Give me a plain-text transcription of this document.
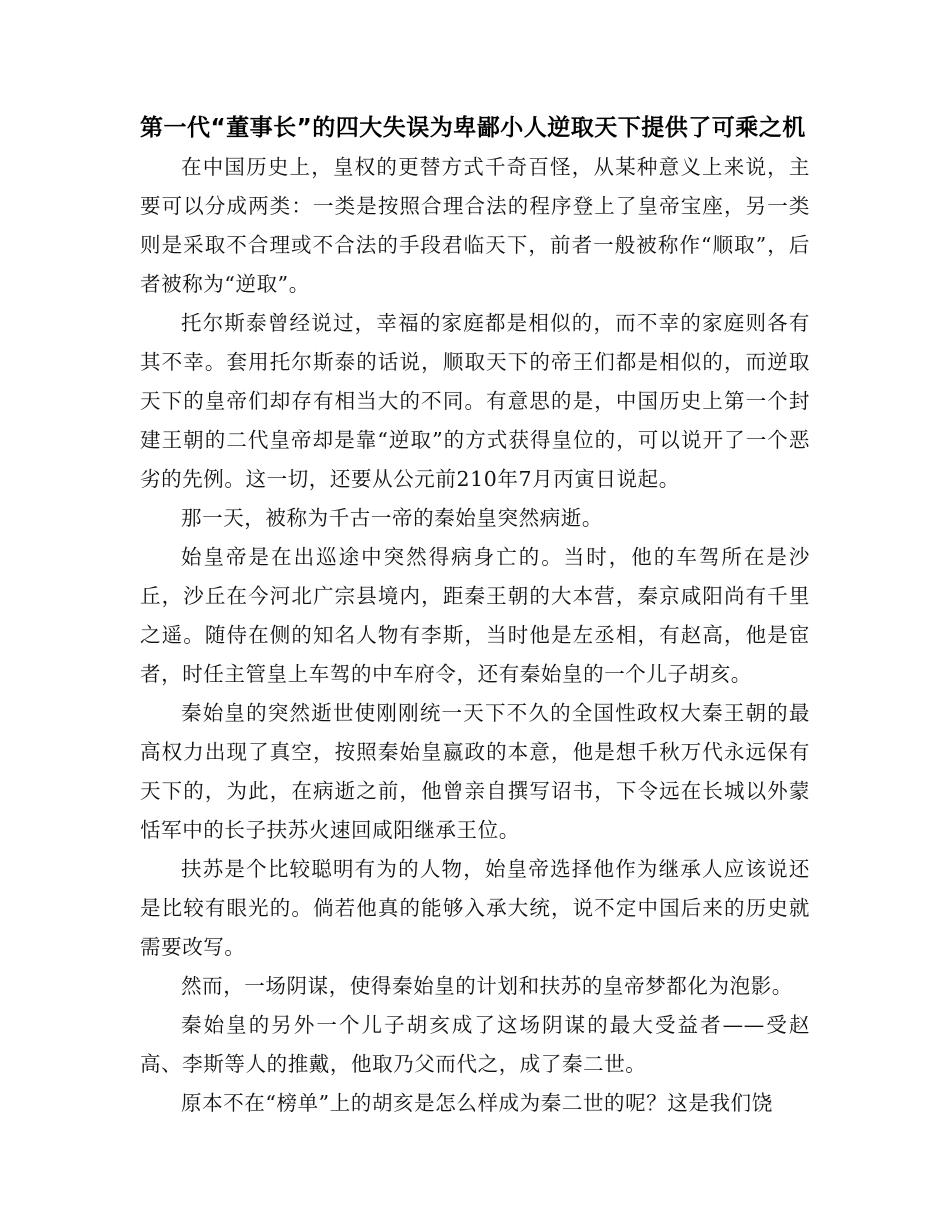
第一代“董事长”的四大失误为卑鄙小人逆取天下提供了可乘之机

在中国历史上，皇权的更替方式千奇百怪，从某种意义上来说，主要可以分成两类：一类是按照合理合法的程序登上了皇帝宝座，另一类则是采取不合理或不合法的手段君临天下，前者一般被称作“顺取”，后者被称为“逆取”。

托尔斯泰曾经说过，幸福的家庭都是相似的，而不幸的家庭则各有其不幸。套用托尔斯泰的话说，顺取天下的帝王们都是相似的，而逆取天下的皇帝们却存有相当大的不同。有意思的是，中国历史上第一个封建王朝的二代皇帝却是靠“逆取”的方式获得皇位的，可以说开了一个恶劣的先例。这一切，还要从公元前210年7月丙寅日说起。

那一天，被称为千古一帝的秦始皇突然病逝。

始皇帝是在出巡途中突然得病身亡的。当时，他的车驾所在是沙丘，沙丘在今河北广宗县境内，距秦王朝的大本营，秦京咸阳尚有千里之遥。随侍在侧的知名人物有李斯，当时他是左丞相，有赵高，他是宦者，时任主管皇上车驾的中车府令，还有秦始皇的一个儿子胡亥。

秦始皇的突然逝世使刚刚统一天下不久的全国性政权大秦王朝的最高权力出现了真空，按照秦始皇嬴政的本意，他是想千秋万代永远保有天下的，为此，在病逝之前，他曾亲自撰写诏书，下令远在长城以外蒙恬军中的长子扶苏火速回咸阳继承王位。

扶苏是个比较聪明有为的人物，始皇帝选择他作为继承人应该说还是比较有眼光的。倘若他真的能够入承大统，说不定中国后来的历史就需要改写。

然而，一场阴谋，使得秦始皇的计划和扶苏的皇帝梦都化为泡影。

秦始皇的另外一个儿子胡亥成了这场阴谋的最大受益者——受赵高、李斯等人的推戴，他取乃父而代之，成了秦二世。

原本不在“榜单”上的胡亥是怎么样成为秦二世的呢？这是我们饶
